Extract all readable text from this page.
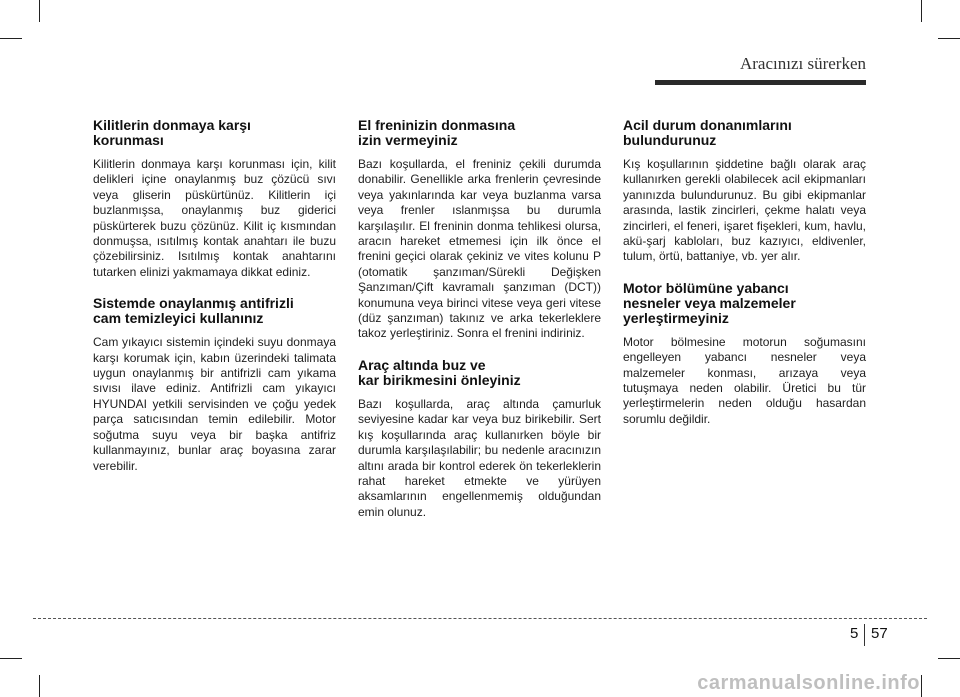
Aracınızı sürerken
Kilitlerin donmaya karşı
korunması
Kilitlerin donmaya karşı korunması için, kilit delikleri içine onaylanmış buz çözücü sıvı veya gliserin püskürtünüz. Kilitlerin içi buzlanmışsa, onaylanmış buz giderici püskürterek buzu çözünüz. Kilit iç kısmından donmuşsa, ısıtılmış kontak anahtarı ile buzu çözebilirsiniz. Isıtılmış kontak anahtarını tutarken elinizi yakmamaya dikkat ediniz.
Sistemde onaylanmış antifrizli
cam temizleyici kullanınız
Cam yıkayıcı sistemin içindeki suyu donmaya karşı korumak için, kabın üzerindeki talimata uygun onaylanmış bir antifrizli cam yıkama sıvısı ilave ediniz. Antifrizli cam yıkayıcı HYUNDAI yetkili servisinden ve çoğu yedek parça satıcısından temin edilebilir. Motor soğutma suyu veya bir başka antifriz kullanmayınız, bunlar araç boyasına zarar verebilir.
El freninizin donmasına
izin vermeyiniz
Bazı koşullarda, el freniniz çekili durumda donabilir. Genellikle arka frenlerin çevresinde veya yakınlarında kar veya buzlanma varsa veya frenler ıslanmışsa bu durumla karşılaşılır. El freninin donma tehlikesi olursa, aracın hareket etmemesi için ilk önce el frenini geçici olarak çekiniz ve vites kolunu P (otomatik şanzıman/Sürekli Değişken Şanzıman/Çift kavramalı şanzıman (DCT)) konumuna veya birinci vitese veya geri vitese (düz şanzıman) takınız ve arka tekerleklere takoz yerleştiriniz. Sonra el frenini indiriniz.
Araç altında buz ve
kar birikmesini önleyiniz
Bazı koşullarda, araç altında çamurluk seviyesine kadar kar veya buz birikebilir. Sert kış koşullarında araç kullanırken böyle bir durumla karşılaşılabilir; bu nedenle aracınızın altını arada bir kontrol ederek ön tekerleklerin rahat hareket etmekte ve yürüyen aksamlarının engellenmemiş olduğundan emin olunuz.
Acil durum donanımlarını
bulundurunuz
Kış koşullarının şiddetine bağlı olarak araç kullanırken gerekli olabilecek acil ekipmanları yanınızda bulundurunuz. Bu gibi ekipmanlar arasında, lastik zincirleri, çekme halatı veya zincirleri, el feneri, işaret fişekleri, kum, havlu, akü-şarj kabloları, buz kazıyıcı, eldivenler, tulum, örtü, battaniye, vb. yer alır.
Motor bölümüne yabancı
nesneler veya malzemeler
yerleştirmeyiniz
Motor bölmesine motorun soğumasını engelleyen yabancı nesneler veya malzemeler konması, arızaya veya tutuşmaya neden olabilir. Üretici bu tür yerleştirmelerin neden olduğu hasardan sorumlu değildir.
5 57
carmanualsonline.info
